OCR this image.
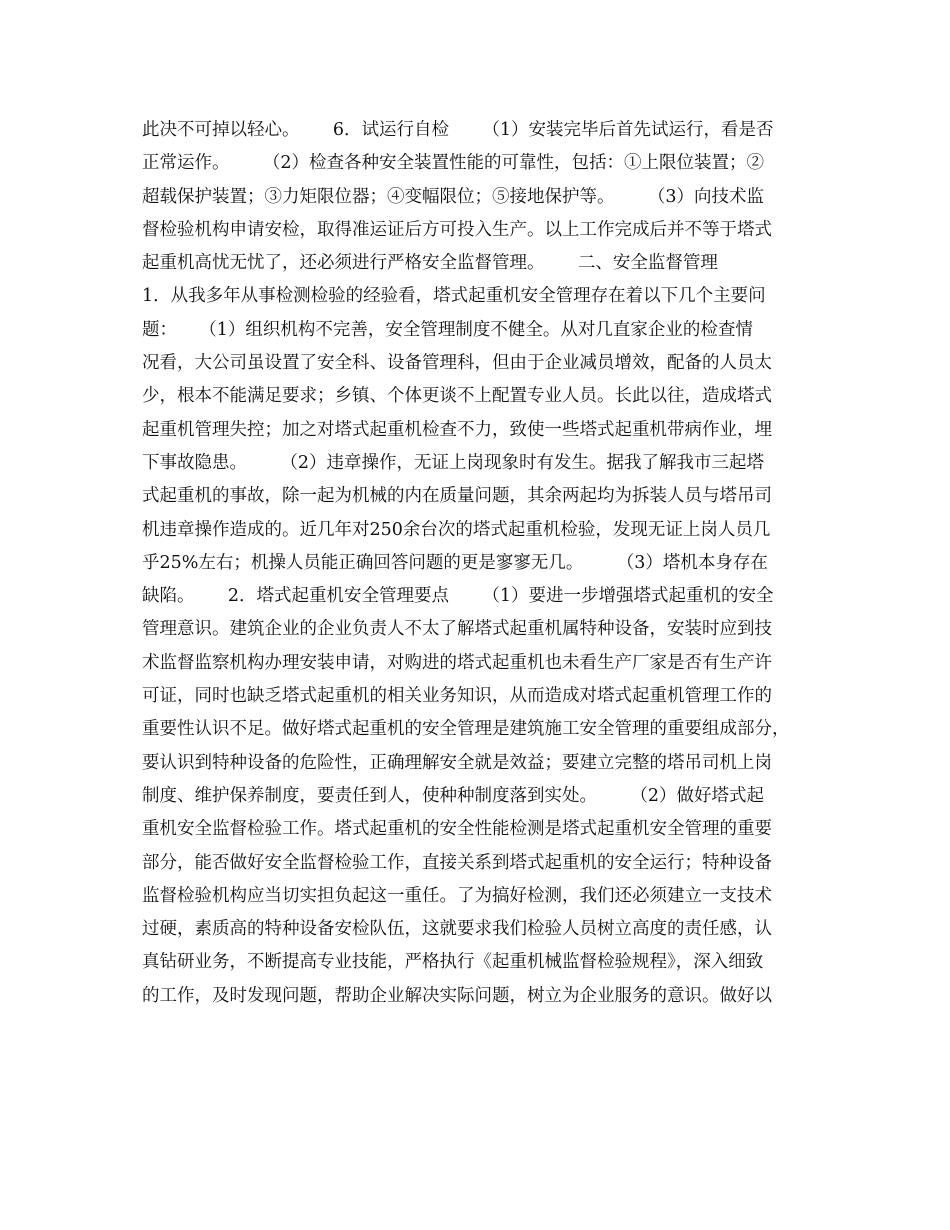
此决不可掉以轻心。      6．试运行自检      （1）安装完毕后首先试运行，看是否
正常运作。      （2）检查各种安全装置性能的可靠性，包括：①上限位装置；②
超载保护装置；③力矩限位器；④变幅限位；⑤接地保护等。      （3）向技术监
督检验机构申请安检，取得准运证后方可投入生产。以上工作完成后并不等于塔式
起重机高忧无忧了，还必须进行严格安全监督管理。      二、安全监督管理
1．从我多年从事检测检验的经验看，塔式起重机安全管理存在着以下几个主要问
题：    （1）组织机构不完善，安全管理制度不健全。从对几直家企业的检查情
况看，大公司虽设置了安全科、设备管理科，但由于企业减员增效，配备的人员太
少，根本不能满足要求；乡镇、个体更谈不上配置专业人员。长此以往，造成塔式
起重机管理失控；加之对塔式起重机检查不力，致使一些塔式起重机带病作业，埋
下事故隐患。      （2）违章操作，无证上岗现象时有发生。据我了解我市三起塔
式起重机的事故，除一起为机械的内在质量问题，其余两起均为拆装人员与塔吊司
机违章操作造成的。近几年对250余台次的塔式起重机检验，发现无证上岗人员几
乎25%左右；机操人员能正确回答问题的更是寥寥无几。      （3）塔机本身存在
缺陷。      2．塔式起重机安全管理要点      （1）要进一步增强塔式起重机的安全
管理意识。建筑企业的企业负责人不太了解塔式起重机属特种设备，安装时应到技
术监督监察机构办理安装申请，对购进的塔式起重机也未看生产厂家是否有生产许
可证，同时也缺乏塔式起重机的相关业务知识，从而造成对塔式起重机管理工作的
重要性认识不足。做好塔式起重机的安全管理是建筑施工安全管理的重要组成部分，
要认识到特种设备的危险性，正确理解安全就是效益；要建立完整的塔吊司机上岗
制度、维护保养制度，要责任到人，使种种制度落到实处。      （2）做好塔式起
重机安全监督检验工作。塔式起重机的安全性能检测是塔式起重机安全管理的重要
部分，能否做好安全监督检验工作，直接关系到塔式起重机的安全运行；特种设备
监督检验机构应当切实担负起这一重任。了为搞好检测，我们还必须建立一支技术
过硬，素质高的特种设备安检队伍，这就要求我们检验人员树立高度的责任感，认
真钻研业务，不断提高专业技能，严格执行《起重机械监督检验规程》，深入细致
的工作，及时发现问题，帮助企业解决实际问题，树立为企业服务的意识。做好以
